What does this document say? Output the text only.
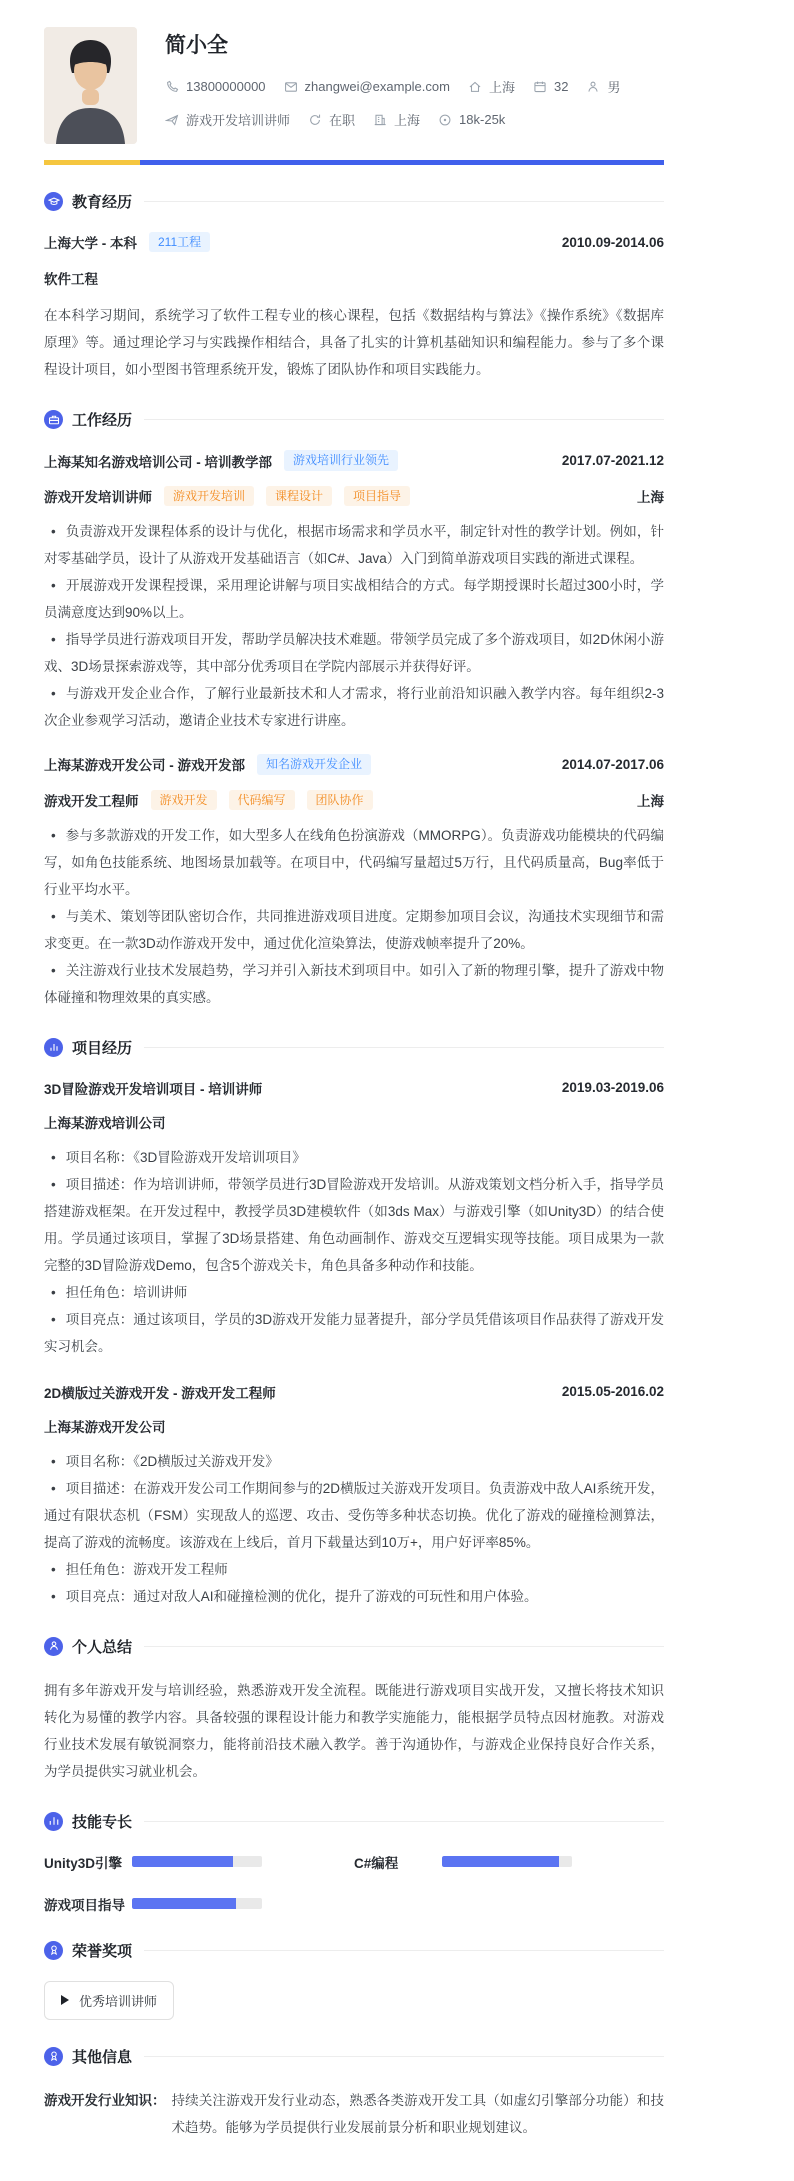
简小全
13800000000	zhangwei@example.com	上海	32	男
游戏开发培训讲师	在职	上海	18k-25k
教育经历
上海大学 - 本科	211工程	2010.09-2014.06
软件工程

在本科学习期间，系统学习了软件工程专业的核心课程，包括《数据结构与算法》《操作系统》《数据库原理》等。通过理论学习与实践操作相结合，具备了扎实的计算机基础知识和编程能力。参与了多个课程设计项目，如小型图书管理系统开发，锻炼了团队协作和项目实践能力。

工作经历
上海某知名游戏培训公司 - 培训教学部	游戏培训行业领先	2017.07-2021.12
游戏开发培训讲师	游戏开发培训	课程设计	项目指导	上海

• 负责游戏开发课程体系的设计与优化，根据市场需求和学员水平，制定针对性的教学计划。例如，针对零基础学员，设计了从游戏开发基础语言（如C#、Java）入门到简单游戏项目实践的渐进式课程。

• 开展游戏开发课程授课，采用理论讲解与项目实战相结合的方式。每学期授课时长超过300小时，学员满意度达到90%以上。

• 指导学员进行游戏项目开发，帮助学员解决技术难题。带领学员完成了多个游戏项目，如2D休闲小游戏、3D场景探索游戏等，其中部分优秀项目在学院内部展示并获得好评。

• 与游戏开发企业合作，了解行业最新技术和人才需求，将行业前沿知识融入教学内容。每年组织2-3次企业参观学习活动，邀请企业技术专家进行讲座。

上海某游戏开发公司 - 游戏开发部	知名游戏开发企业	2014.07-2017.06
游戏开发工程师	游戏开发	代码编写	团队协作	上海

• 参与多款游戏的开发工作，如大型多人在线角色扮演游戏（MMORPG）。负责游戏功能模块的代码编写，如角色技能系统、地图场景加载等。在项目中，代码编写量超过5万行，且代码质量高，Bug率低于行业平均水平。

• 与美术、策划等团队密切合作，共同推进游戏项目进度。定期参加项目会议，沟通技术实现细节和需求变更。在一款3D动作游戏开发中，通过优化渲染算法，使游戏帧率提升了20%。

• 关注游戏行业技术发展趋势，学习并引入新技术到项目中。如引入了新的物理引擎，提升了游戏中物体碰撞和物理效果的真实感。

项目经历
3D冒险游戏开发培训项目 - 培训讲师	2019.03-2019.06
上海某游戏培训公司

• 项目名称：《3D冒险游戏开发培训项目》

• 项目描述：作为培训讲师，带领学员进行3D冒险游戏开发培训。从游戏策划文档分析入手，指导学员搭建游戏框架。在开发过程中，教授学员3D建模软件（如3ds Max）与游戏引擎（如Unity3D）的结合使用。学员通过该项目，掌握了3D场景搭建、角色动画制作、游戏交互逻辑实现等技能。项目成果为一款完整的3D冒险游戏Demo，包含5个游戏关卡，角色具备多种动作和技能。

• 担任角色：培训讲师

• 项目亮点：通过该项目，学员的3D游戏开发能力显著提升，部分学员凭借该项目作品获得了游戏开发实习机会。

2D横版过关游戏开发 - 游戏开发工程师	2015.05-2016.02
上海某游戏开发公司

• 项目名称：《2D横版过关游戏开发》

• 项目描述：在游戏开发公司工作期间参与的2D横版过关游戏开发项目。负责游戏中敌人AI系统开发，通过有限状态机（FSM）实现敌人的巡逻、攻击、受伤等多种状态切换。优化了游戏的碰撞检测算法，提高了游戏的流畅度。该游戏在上线后，首月下载量达到10万+，用户好评率85%。

• 担任角色：游戏开发工程师

• 项目亮点：通过对敌人AI和碰撞检测的优化，提升了游戏的可玩性和用户体验。

个人总结

拥有多年游戏开发与培训经验，熟悉游戏开发全流程。既能进行游戏项目实战开发，又擅长将技术知识转化为易懂的教学内容。具备较强的课程设计能力和教学实施能力，能根据学员特点因材施教。对游戏行业技术发展有敏锐洞察力，能将前沿技术融入教学。善于沟通协作，与游戏企业保持良好合作关系，为学员提供实习就业机会。

技能专长
Unity3D引擎	C#编程
游戏项目指导
荣誉奖项
优秀培训讲师
其他信息
游戏开发行业知识： 持续关注游戏开发行业动态，熟悉各类游戏开发工具（如虚幻引擎部分功能）和技术趋势。能够为学员提供行业发展前景分析和职业规划建议。
